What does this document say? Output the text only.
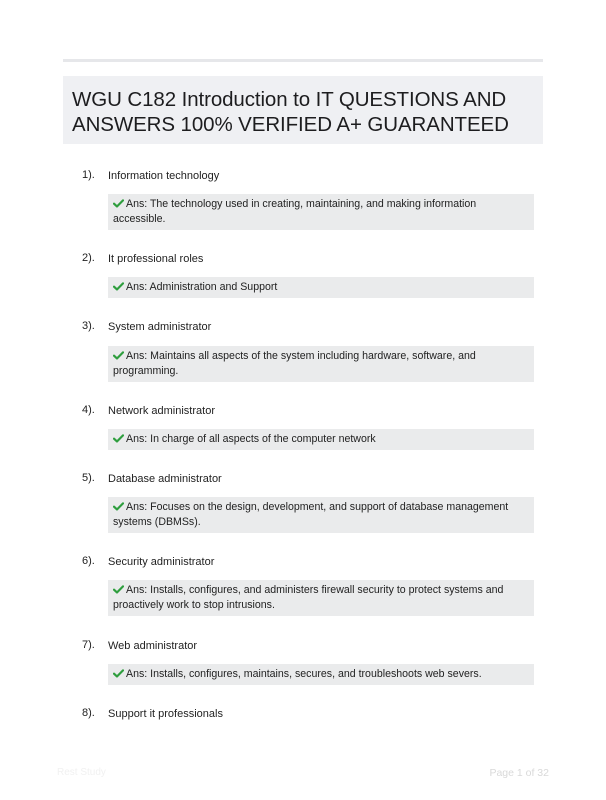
WGU C182 Introduction to IT QUESTIONS AND ANSWERS 100% VERIFIED A+ GUARANTEED
1). Information technology
Ans: The technology used in creating, maintaining, and making information accessible.
2). It professional roles
Ans: Administration and Support
3). System administrator
Ans: Maintains all aspects of the system including hardware, software, and programming.
4). Network administrator
Ans: In charge of all aspects of the computer network
5). Database administrator
Ans: Focuses on the design, development, and support of database management systems (DBMSs).
6). Security administrator
Ans: Installs, configures, and administers firewall security to protect systems and proactively work to stop intrusions.
7). Web administrator
Ans: Installs, configures, maintains, secures, and troubleshoots web severs.
8). Support it professionals
Rest Study	Page 1 of 32
